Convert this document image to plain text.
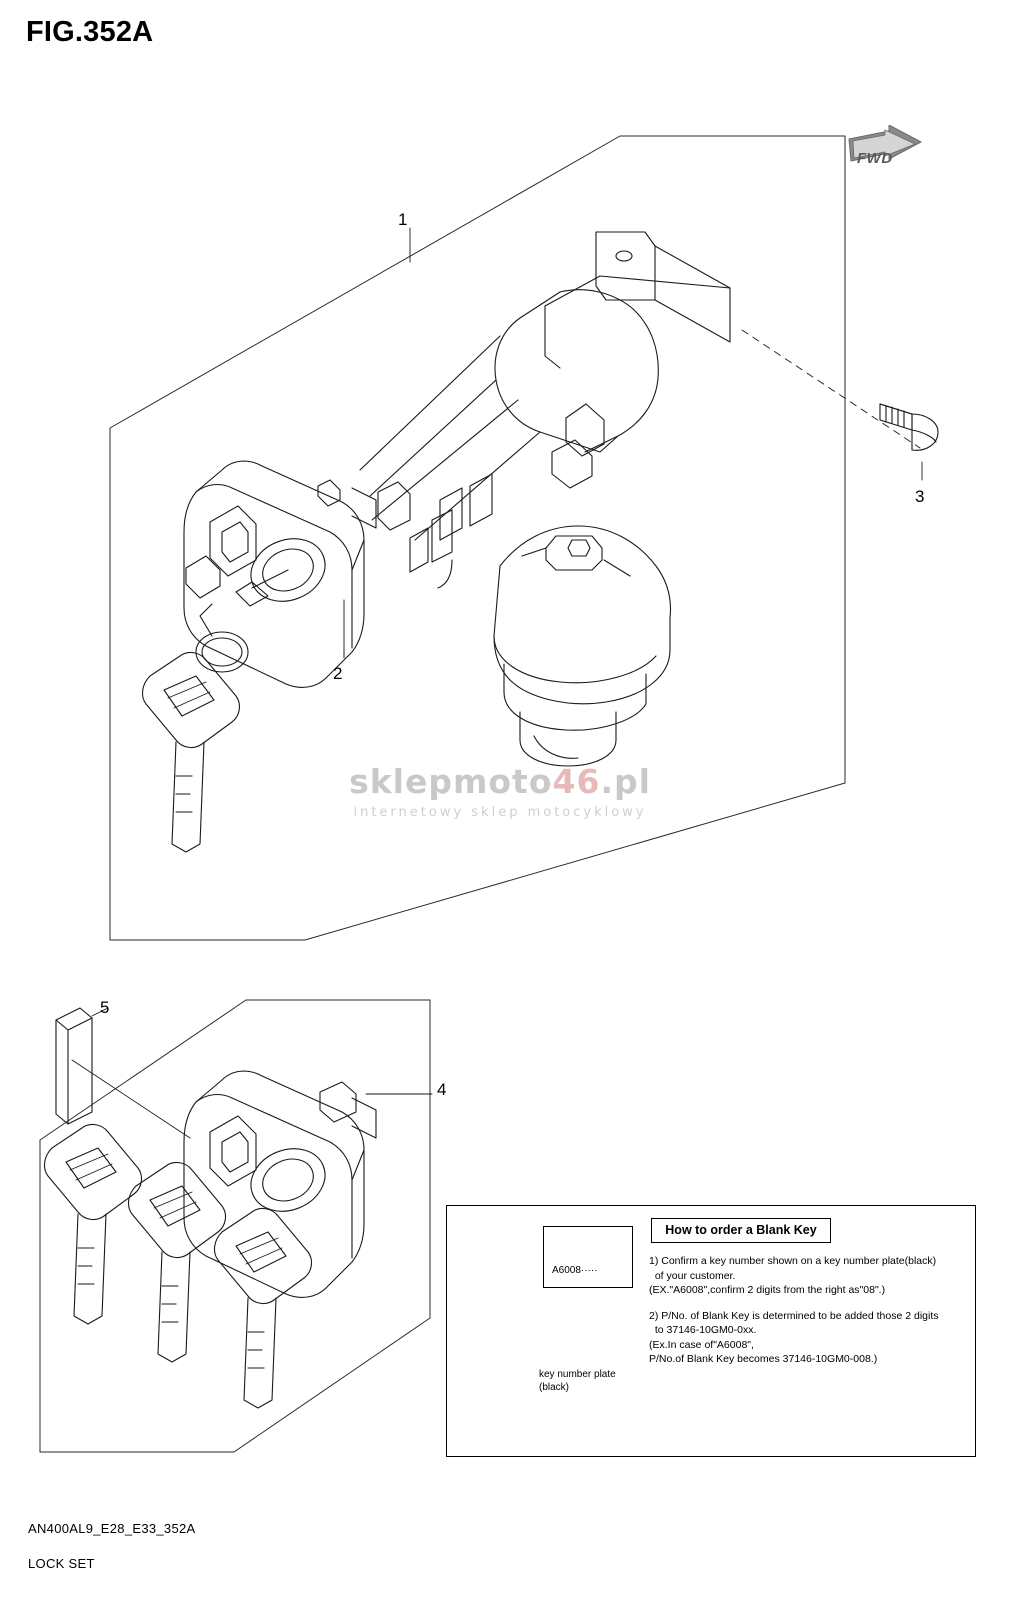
FIG.352A
FWD
1
2
3
4
5
sklepmoto46.pl
internetowy sklep motocyklowy
How to order a Blank Key
A6008·····

1) Confirm a key number shown on a key number plate(black)
of your customer.
(EX."A6008",confirm 2 digits from the right as"08".)

2) P/No. of Blank Key is determined to be added those 2 digits
to 37146-10GM0-0xx.
(Ex.In case of"A6008",
P/No.of Blank Key becomes 37146-10GM0-008.)

key number plate
(black)
AN400AL9_E28_E33_352A
LOCK SET
